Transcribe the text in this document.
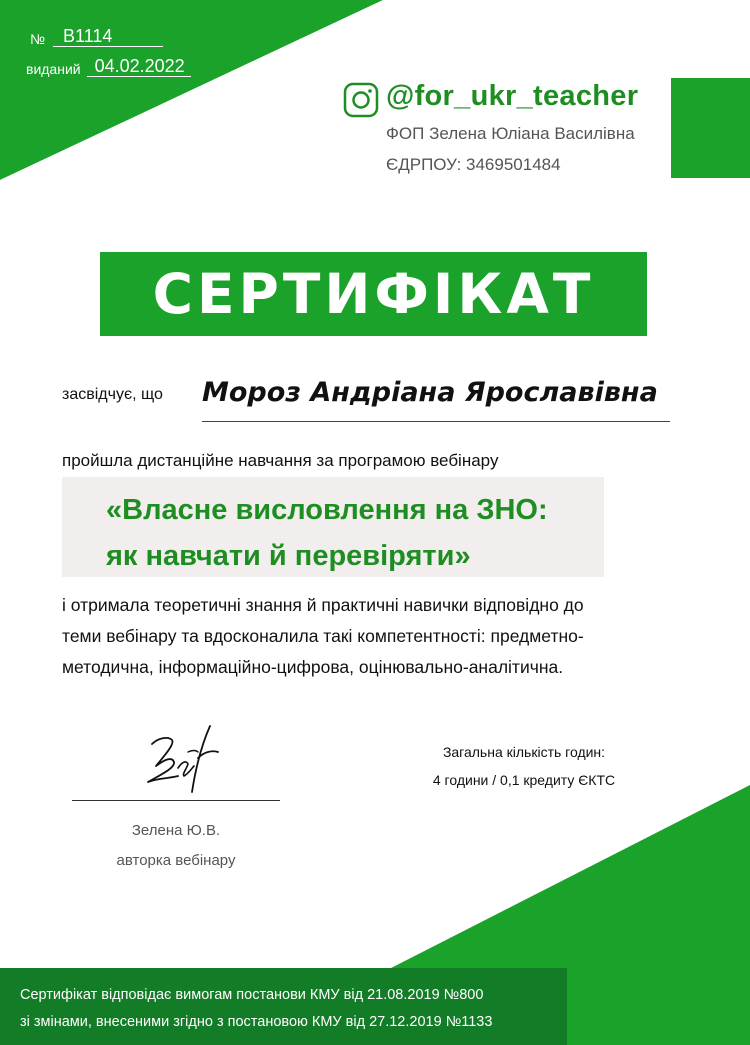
№	B1114
виданий 04.02.2022
@for_ukr_teacher
ФОП Зелена Юліана Василівна
ЄДРПОУ: 3469501484
СЕРТИФІКАТ
засвідчує, що Мороз Андріана Ярославівна
пройшла дистанційне навчання за програмою вебінару
«Власне висловлення на ЗНО:
як навчати й перевіряти»
і отримала теоретичні знання й практичні навички відповідно до
теми вебінару та вдосконалила такі компетентності: предметно-
методична, інформаційно-цифрова, оцінювально-аналітична.
Зелена Ю.В.
авторка вебінару
Загальна кількість годин:
4 години / 0,1 кредиту ЄКТС
Сертифікат відповідає вимогам постанови КМУ від 21.08.2019 №800
зі змінами, внесеними згідно з постановою КМУ від 27.12.2019 №1133
